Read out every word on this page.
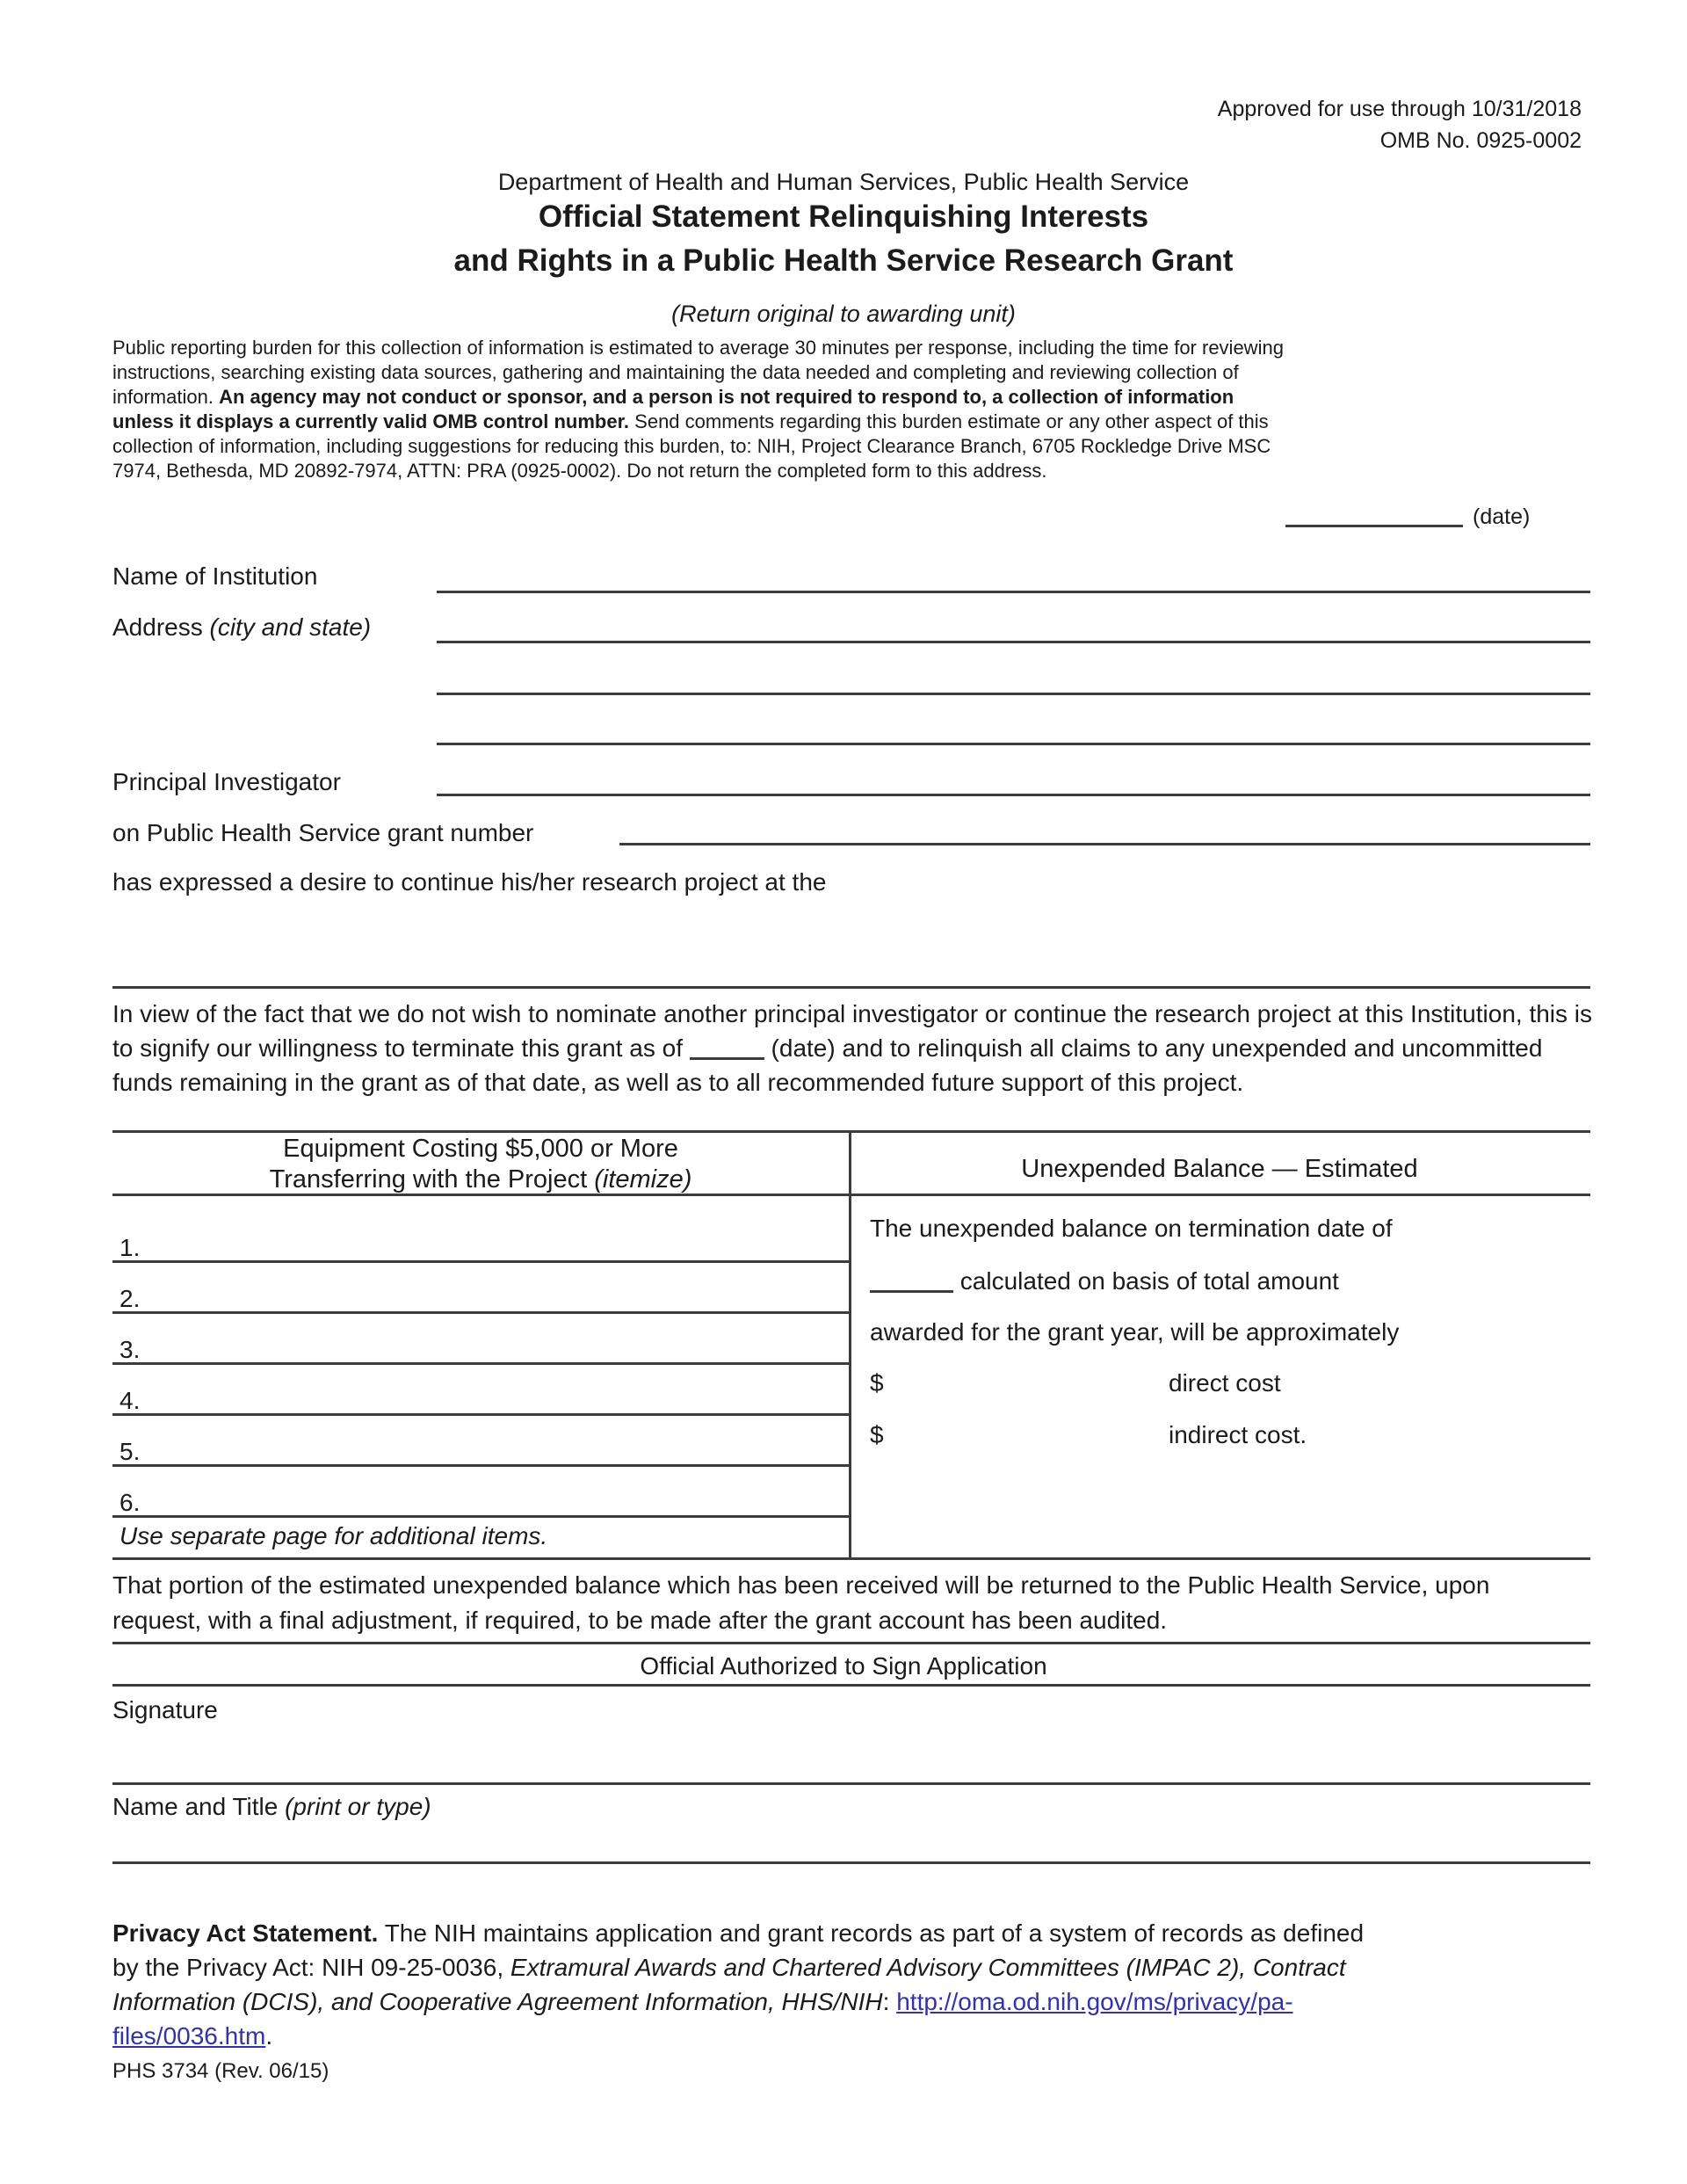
Approved for use through 10/31/2018
OMB No. 0925-0002
Department of Health and Human Services, Public Health Service
Official Statement Relinquishing Interests
and Rights in a Public Health Service Research Grant
(Return original to awarding unit)
Public reporting burden for this collection of information is estimated to average 30 minutes per response, including the time for reviewing instructions, searching existing data sources, gathering and maintaining the data needed and completing and reviewing collection of information. An agency may not conduct or sponsor, and a person is not required to respond to, a collection of information unless it displays a currently valid OMB control number. Send comments regarding this burden estimate or any other aspect of this collection of information, including suggestions for reducing this burden, to: NIH, Project Clearance Branch, 6705 Rockledge Drive MSC 7974, Bethesda, MD 20892-7974, ATTN: PRA (0925-0002). Do not return the completed form to this address.
(date)
Name of Institution
Address (city and state)
Principal Investigator
on Public Health Service grant number
has expressed a desire to continue his/her research project at the
In view of the fact that we do not wish to nominate another principal investigator or continue the research project at this Institution, this is to signify our willingness to terminate this grant as of	(date) and to relinquish all claims to any unexpended and uncommitted funds remaining in the grant as of that date, as well as to all recommended future support of this project.
Equipment Costing $5,000 or More
Transferring with the Project (itemize)	Unexpended Balance — Estimated
1.
2.
3.
4.
5.
6.
Use separate page for additional items.
The unexpended balance on termination date of
calculated on basis of total amount
awarded for the grant year, will be approximately
$	direct cost
$	indirect cost.
That portion of the estimated unexpended balance which has been received will be returned to the Public Health Service, upon request, with a final adjustment, if required, to be made after the grant account has been audited.
Official Authorized to Sign Application
Signature
Name and Title (print or type)
Privacy Act Statement. The NIH maintains application and grant records as part of a system of records as defined by the Privacy Act: NIH 09-25-0036, Extramural Awards and Chartered Advisory Committees (IMPAC 2), Contract Information (DCIS), and Cooperative Agreement Information, HHS/NIH: http://oma.od.nih.gov/ms/privacy/pa-files/0036.htm.
PHS 3734 (Rev. 06/15)
